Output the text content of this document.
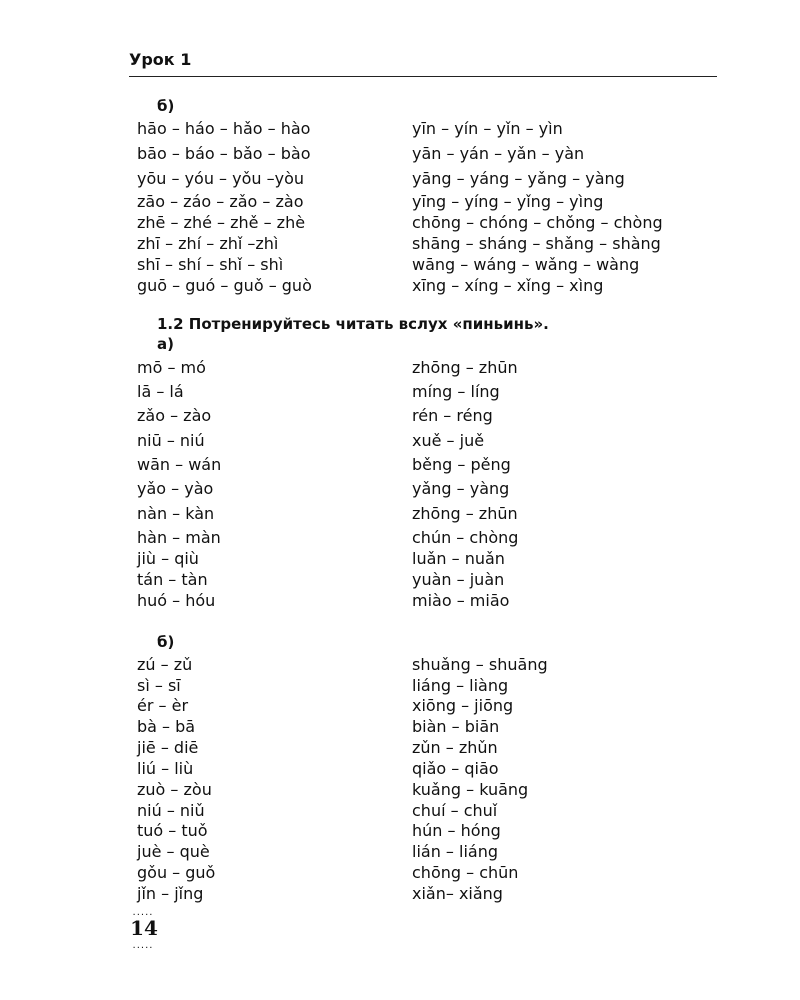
Урок 1
б)
hāo – háo – hǎo – hào
bāo – báo – bǎo – bào
yōu – yóu – yǒu –yòu
zāo – záo – zǎo – zào
zhē – zhé – zhě – zhè
zhī – zhí – zhǐ –zhì
shī – shí – shǐ – shì
guō – guó – guǒ – guò
yīn – yín – yǐn – yìn
yān – yán – yǎn – yàn
yāng – yáng – yǎng – yàng
yīng – yíng – yǐng – yìng
chōng – chóng – chǒng – chòng
shāng – sháng – shǎng – shàng
wāng – wáng – wǎng – wàng
xīng – xíng – xǐng – xìng
1.2 Потренируйтесь читать вслух «пиньинь».
а)
mō – mó
lā – lá
zǎo – zào
niū – niú
wān – wán
yǎo – yào
nàn – kàn
hàn – màn
jiù – qiù
tán – tàn
huó – hóu
zhōng – zhūn
míng – líng
rén – réng
xuě – juě
běng – pěng
yǎng – yàng
zhōng – zhūn
chún – chòng
luǎn – nuǎn
yuàn – juàn
miào – miāo
б)
zú – zǔ
sì – sī
ér – èr
bà – bā
jiē – diē
liú – liù
zuò – zòu
niú – niǔ
tuó – tuǒ
juè – què
gǒu – guǒ
jǐn – jǐng
shuǎng – shuāng
liáng – liàng
xiōng – jiōng
biàn – biān
zǔn – zhǔn
qiǎo – qiāo
kuǎng – kuāng
chuí – chuǐ
hún – hóng
lián – liáng
chōng – chūn
xiǎn– xiǎng
.....
14
.....
